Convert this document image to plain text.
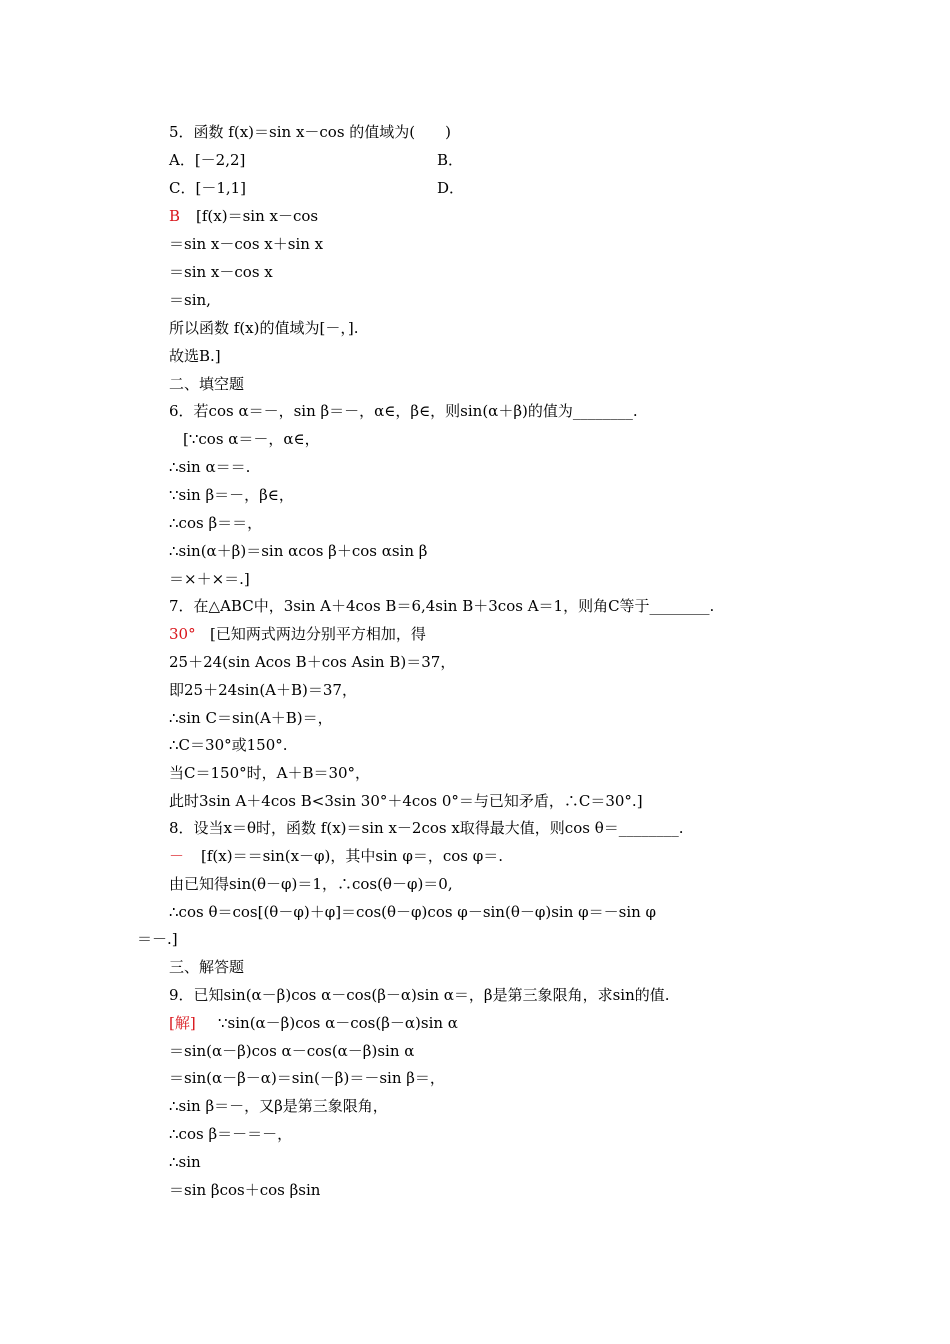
5．函数 f(x)＝sin x－cos 的值域为(　　)
A．[－2,2]	B．
C．[－1,1]	D．
B [f(x)＝sin x－cos
＝sin x－cos x＋sin x
＝sin x－cos x
＝sin,
所以函数 f(x)的值域为[－，].
故选B.]
二、填空题
6．若cos α＝－，sin β＝－，α∈，β∈，则sin(α＋β)的值为________.
[∵cos α＝－，α∈，
∴sin α＝＝.
∵sin β＝－，β∈，
∴cos β＝＝，
∴sin(α＋β)＝sin αcos β＋cos αsin β
＝×＋×＝.]
7．在△ABC中，3sin A＋4cos B＝6,4sin B＋3cos A＝1，则角C等于________.
30° [已知两式两边分别平方相加，得
25＋24(sin Acos B＋cos Asin B)＝37，
即25＋24sin(A＋B)＝37，
∴sin C＝sin(A＋B)＝，
∴C＝30°或150°.
当C＝150°时，A＋B＝30°，
此时3sin A＋4cos B<3sin 30°＋4cos 0°＝与已知矛盾，∴C＝30°.]
8．设当x＝θ时，函数 f(x)＝sin x－2cos x取得最大值，则cos θ＝________.
－ [f(x)＝＝sin(x－φ)，其中sin φ＝，cos φ＝.
由已知得sin(θ－φ)＝1，∴cos(θ－φ)＝0,
∴cos θ＝cos[(θ－φ)＋φ]＝cos(θ－φ)cos φ－sin(θ－φ)sin φ＝－sin φ
＝－.]
三、解答题
9．已知sin(α－β)cos α－cos(β－α)sin α＝，β是第三象限角，求sin的值.
[解] ∵sin(α－β)cos α－cos(β－α)sin α
＝sin(α－β)cos α－cos(α－β)sin α
＝sin(α－β－α)＝sin(－β)＝－sin β＝，
∴sin β＝－，又β是第三象限角，
∴cos β＝－＝－，
∴sin
＝sin βcos＋cos βsin
